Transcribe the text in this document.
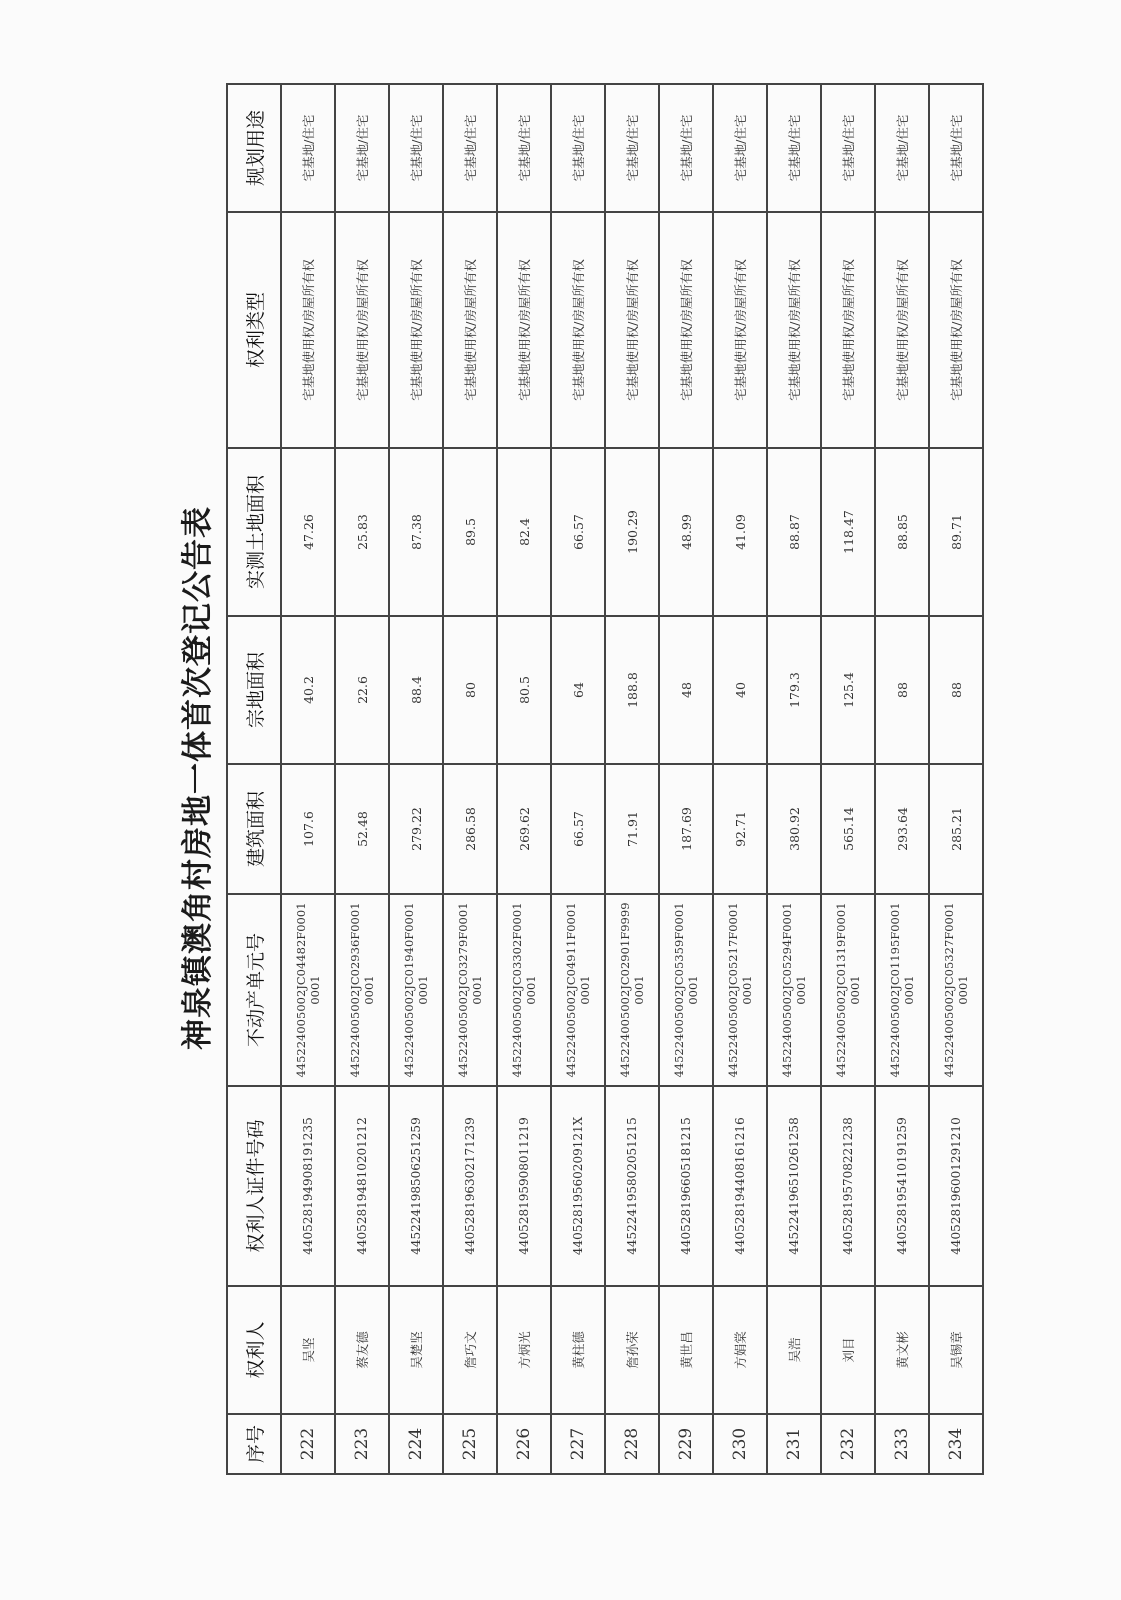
神泉镇澳角村房地一体首次登记公告表
序号	权利人	权利人证件号码	不动产单元号	建筑面积	宗地面积	实测土地面积	权利类型	规划用途
222	吴坚	440528194908191235	445224005002JC04482F00010001	107.6	40.2	47.26	宅基地使用权/房屋所有权	宅基地/住宅
223	蔡友德	440528194810201212	445224005002JC02936F00010001	52.48	22.6	25.83	宅基地使用权/房屋所有权	宅基地/住宅
224	吴楚坚	445224198506251259	445224005002JC01940F00010001	279.22	88.4	87.38	宅基地使用权/房屋所有权	宅基地/住宅
225	詹巧文	440528196302171239	445224005002JC03279F00010001	286.58	80	89.5	宅基地使用权/房屋所有权	宅基地/住宅
226	方炳光	440528195908011219	445224005002JC03302F00010001	269.62	80.5	82.4	宅基地使用权/房屋所有权	宅基地/住宅
227	黄柱德	44052819560209121X	445224005002JC04911F00010001	66.57	64	66.57	宅基地使用权/房屋所有权	宅基地/住宅
228	詹孙荣	445224195802051215	445224005002JC02901F99990001	71.91	188.8	190.29	宅基地使用权/房屋所有权	宅基地/住宅
229	黄世昌	440528196605181215	445224005002JC05359F00010001	187.69	48	48.99	宅基地使用权/房屋所有权	宅基地/住宅
230	方娟棠	440528194408161216	445224005002JC05217F00010001	92.71	40	41.09	宅基地使用权/房屋所有权	宅基地/住宅
231	吴浩	445224196510261258	445224005002JC05294F00010001	380.92	179.3	88.87	宅基地使用权/房屋所有权	宅基地/住宅
232	刘目	440528195708221238	445224005002JC01319F00010001	565.14	125.4	118.47	宅基地使用权/房屋所有权	宅基地/住宅
233	黄文彬	440528195410191259	445224005002JC01195F00010001	293.64	88	88.85	宅基地使用权/房屋所有权	宅基地/住宅
234	吴锡章	440528196001291210	445224005002JC05327F00010001	285.21	88	89.71	宅基地使用权/房屋所有权	宅基地/住宅
